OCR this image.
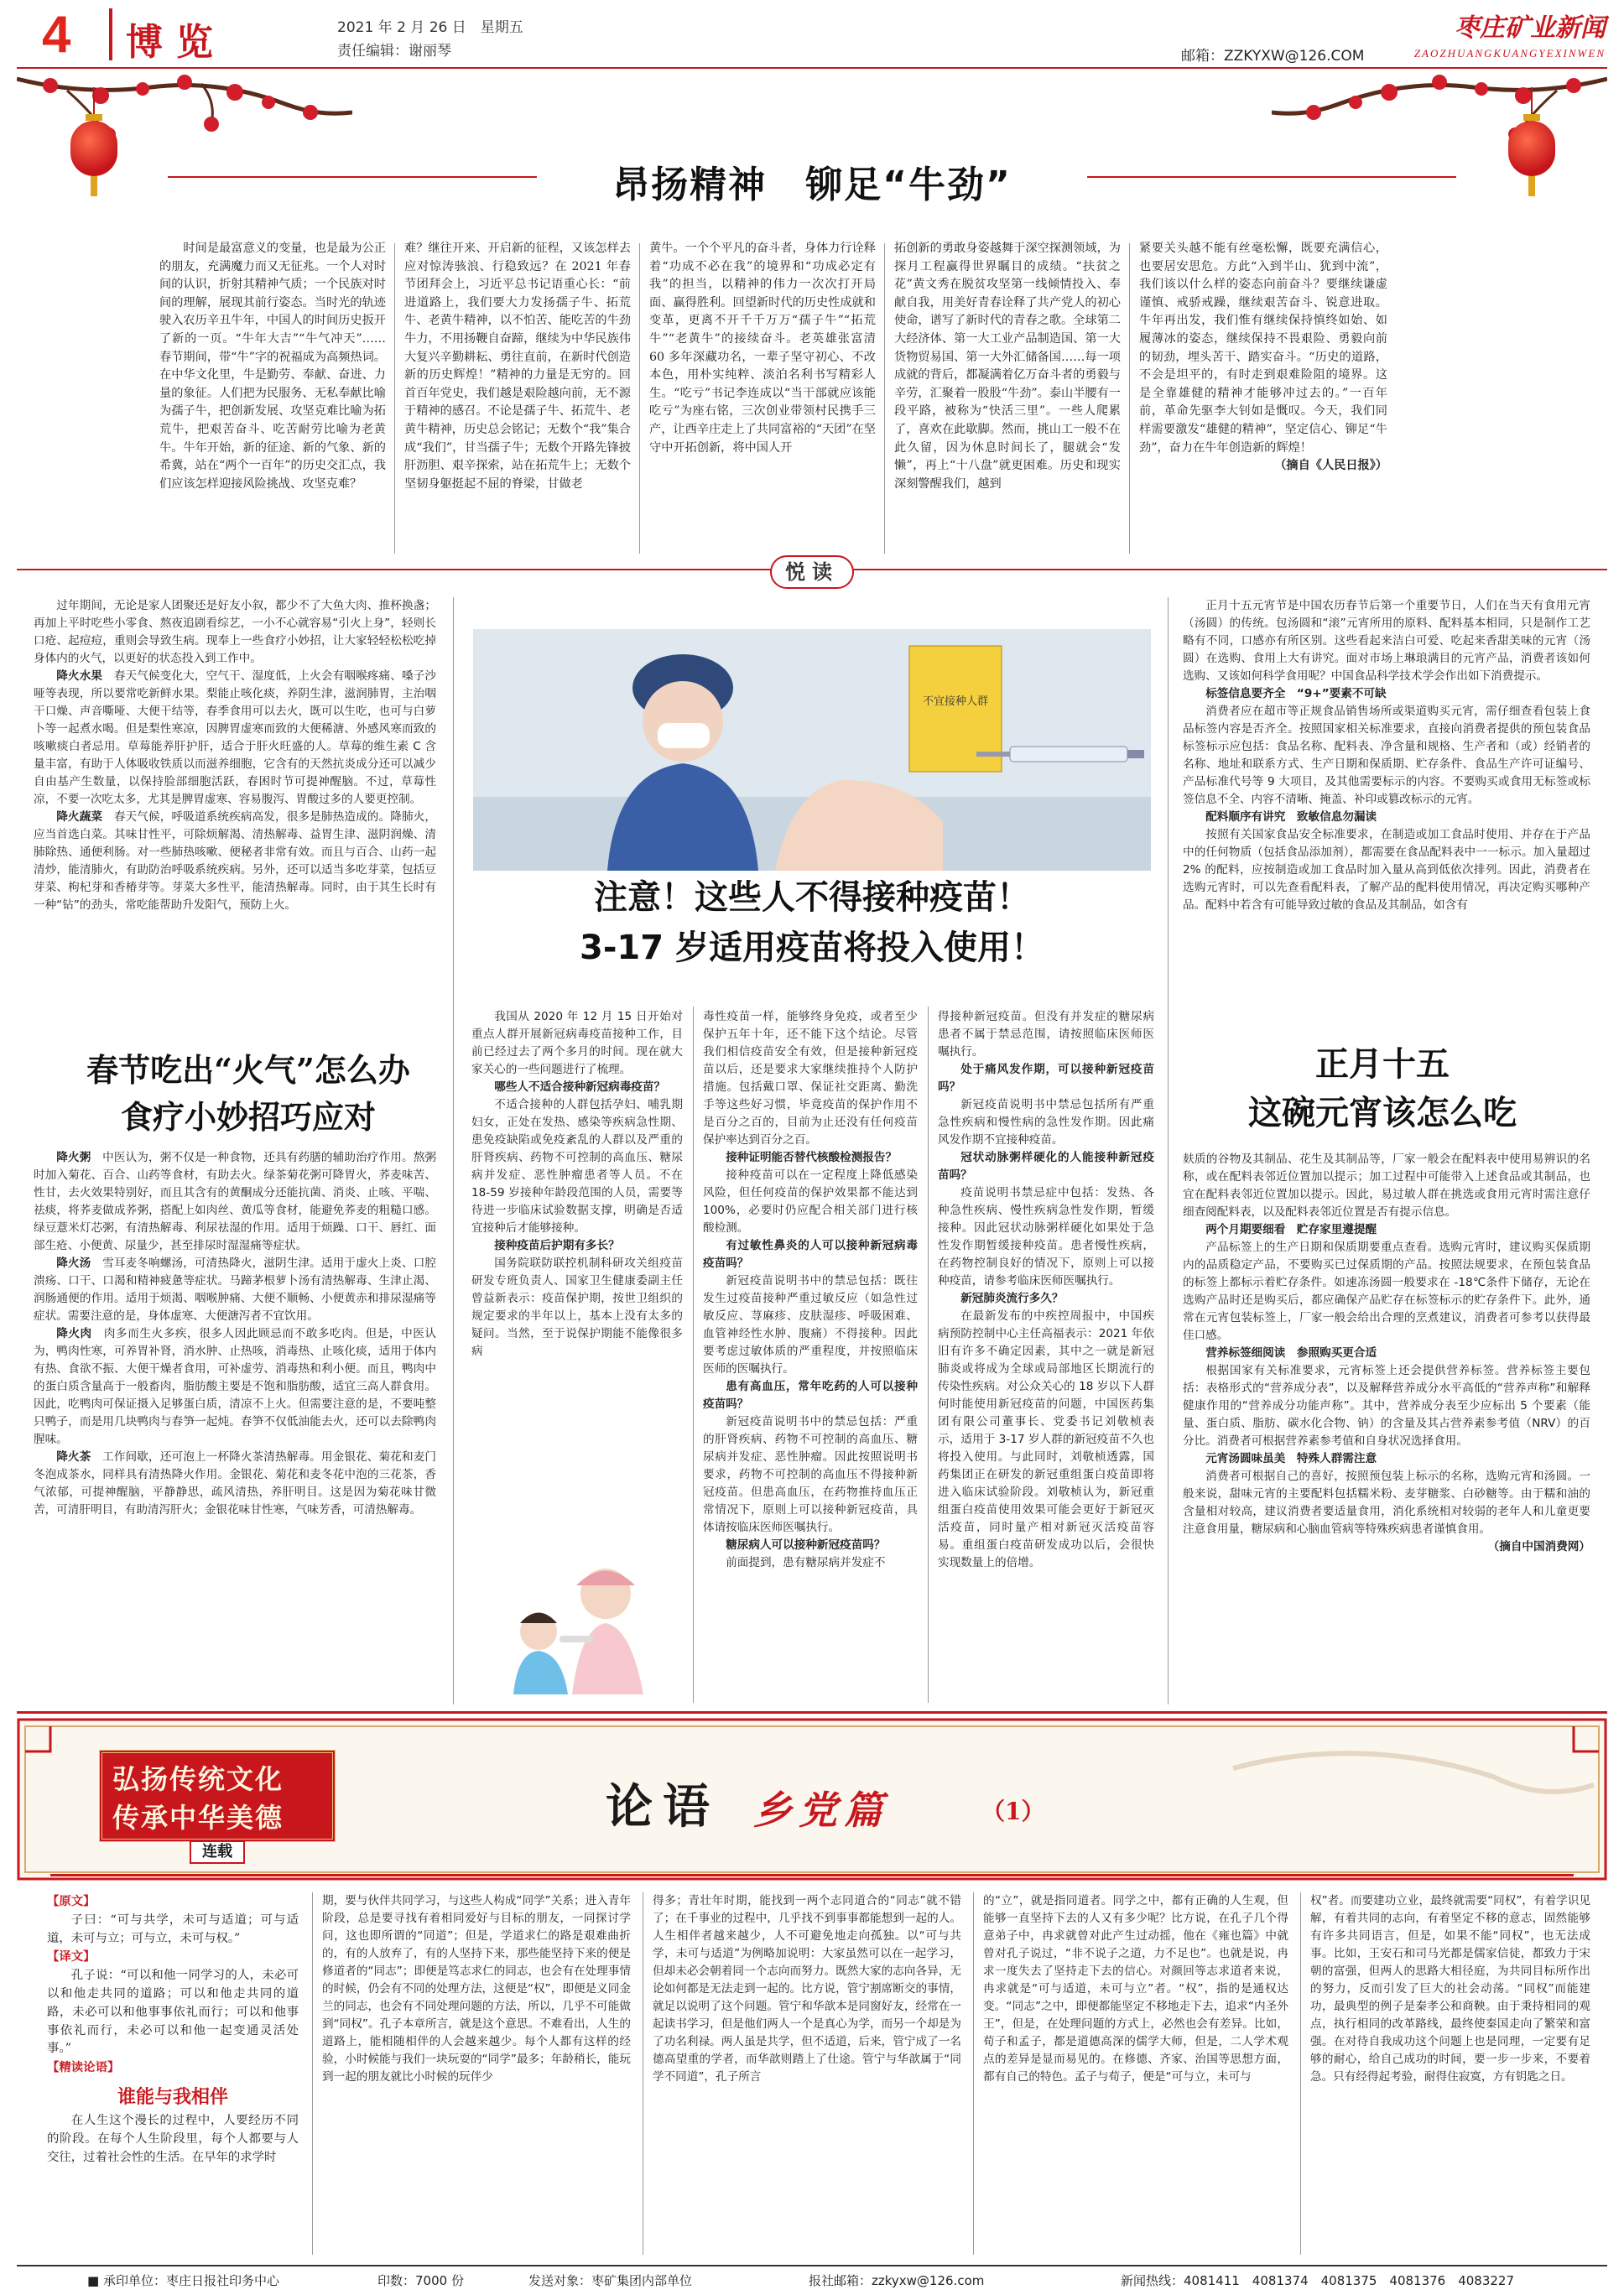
4 博览	2021 年 2 月 26 日　星期五
责任编辑：谢丽琴	邮箱：ZZKYXW@126.COM
枣庄矿业新闻
ZAOZHUANGKUANGYEXINWEN
昂扬精神　铆足“牛劲”

时间是最富意义的变量，也是最为公正的朋友，充满魔力而又无征兆。一个人对时间的认识，折射其精神气质；一个民族对时间的理解，展现其前行姿态。当时光的轨迹驶入农历辛丑牛年，中国人的时间历史扳开了新的一页。“牛年大吉”“牛气冲天”……春节期间，带“牛”字的祝福成为高频热词。在中华文化里，牛是勤劳、奉献、奋进、力量的象征。人们把为民服务、无私奉献比喻为孺子牛，把创新发展、攻坚克难比喻为拓荒牛，把艰苦奋斗、吃苦耐劳比喻为老黄牛。牛年开始，新的征途、新的气象、新的希冀，站在“两个一百年”的历史交汇点，我们应该怎样迎接风险挑战、攻坚克难？

难？继往开来、开启新的征程，又该怎样去应对惊涛骇浪、行稳致远？在 2021 年春节团拜会上，习近平总书记语重心长：“前进道路上，我们要大力发扬孺子牛、拓荒牛、老黄牛精神，以不怕苦、能吃苦的牛劲牛力，不用扬鞭自奋蹄，继续为中华民族伟大复兴辛勤耕耘、勇往直前，在新时代创造新的历史辉煌！”精神的力量是无穷的。回首百年党史，我们越是艰险越向前，无不源于精神的感召。不论是孺子牛、拓荒牛、老黄牛精神，历史总会铭记；无数个“我”集合成“我们”，甘当孺子牛；无数个开路先锋披肝沥胆、艰辛探索，站在拓荒牛上；无数个坚韧身躯挺起不屈的脊梁，甘做老

黄牛。一个个平凡的奋斗者，身体力行诠释着“功成不必在我”的境界和“功成必定有我”的担当，以精神的伟力一次次打开局面、赢得胜利。回望新时代的历史性成就和变革，更离不开千千万万“孺子牛”“拓荒牛”“老黄牛”的接续奋斗。老英雄张富清 60 多年深藏功名，一辈子坚守初心、不改本色，用朴实纯粹、淡泊名利书写精彩人生。“吃亏”书记李连成以“当干部就应该能吃亏”为座右铭，三次创业带领村民携手三产，让西辛庄走上了共同富裕的“天团”在坚守中开拓创新，将中国人开

拓创新的勇敢身姿越舞于深空探测领域，为探月工程赢得世界瞩目的成绩。“扶贫之花”黄文秀在脱贫攻坚第一线倾情投入、奉献自我，用美好青春诠释了共产党人的初心使命，谱写了新时代的青春之歌。全球第二大经济体、第一大工业产品制造国、第一大货物贸易国、第一大外汇储备国……每一项成就的背后，都凝满着亿万奋斗者的勇毅与辛劳，汇聚着一股股“牛劲”。泰山半腰有一段平路，被称为“快活三里”。一些人爬累了，喜欢在此歇脚。然而，挑山工一般不在此久留，因为休息时间长了，腿就会“发懒”，再上“十八盘”就更困难。历史和现实深刻警醒我们，越到

紧要关头越不能有丝毫松懈，既要充满信心，也要居安思危。方此“入到半山、犹到中流”，我们该以什么样的姿态向前奋斗？要继续谦虚谨慎、戒骄戒躁，继续艰苦奋斗、锐意进取。牛年再出发，我们惟有继续保持慎终如始、如履薄冰的姿态，继续保持不畏艰险、勇毅向前的韧劲，埋头苦干、踏实奋斗。“历史的道路，不会是坦平的，有时走到艰难险阻的境界。这是全靠雄健的精神才能够冲过去的。”一百年前，革命先驱李大钊如是慨叹。今天，我们同样需要激发“雄健的精神”，坚定信心、铆足“牛劲”，奋力在牛年创造新的辉煌！

（摘自《人民日报》）

悦读

过年期间，无论是家人团聚还是好友小叙，都少不了大鱼大肉、推杯换盏；再加上平时吃些小零食、熬夜追剧看综艺，一小不心就容易“引火上身”，轻则长口疮、起痘痘，重则会导致生病。现奉上一些食疗小妙招，让大家轻轻松松吃掉身体内的火气，以更好的状态投入到工作中。

降火水果　 春天气候变化大，空气干、湿度低，上火会有咽喉疼痛、嗓子沙哑等表现，所以要常吃新鲜水果。梨能止咳化痰，养阴生津，滋润肺胃，主治咽干口燥、声音嘶哑、大便干结等，春季食用可以去火，既可以生吃，也可与白萝卜等一起煮水喝。但是梨性寒凉，因脾胃虚寒而致的大便稀溏、外感风寒而致的咳嗽痰白者忌用。草莓能养肝护肝，适合于肝火旺盛的人。草莓的维生素 C 含量丰富，有助于人体吸收铁质以而滋养细胞，它含有的天然抗炎成分还可以减少自由基产生数量，以保持脸部细胞活跃，春困时节可提神醒脑。不过，草莓性凉，不要一次吃太多，尤其是脾胃虚寒、容易腹泻、胃酸过多的人要更控制。

降火蔬菜　 春天气候，呼吸道系统疾病高发，很多是肺热造成的。降肺火，应当首选白菜。其味甘性平，可除烦解渴、清热解毒、益胃生津、滋阴润燥、清肺除热、通便利肠。对一些肺热咳嗽、便秘者非常有效。而且与百合、山药一起清炒，能清肺火，有助防治呼吸系统疾病。另外，还可以适当多吃芽菜，包括豆芽菜、枸杞芽和香椿芽等。芽菜大多性平，能清热解毒。同时，由于其生长时有一种“钻”的劲头，常吃能帮助升发阳气，预防上火。

春节吃出“火气”怎么办
食疗小妙招巧应对

降火粥　 中医认为，粥不仅是一种食物，还具有药膳的辅助治疗作用。熬粥时加入菊花、百合、山药等食材，有助去火。绿茶菊花粥可降胃火，荞麦味苦、性甘，去火效果特别好，而且其含有的黄酮成分还能抗菌、消炎、止咳、平喘、祛痰，将荞麦做成荞粥，搭配上如肉丝、黄瓜等食材，能避免荞麦的粗糙口感。绿豆薏米灯芯粥，有清热解毒、利尿祛湿的作用。适用于烦躁、口干、唇红、面部生疮、小便黄、尿量少，甚至排尿时湿湿痛等症状。

降火汤　 雪耳麦冬响螺汤，可清热降火，滋阴生津。适用于虚火上炎、口腔溃疡、口干、口渴和精神疲惫等症状。马蹄茅根萝卜汤有清热解毒、生津止渴、润肠通便的作用。适用于烦渴、咽喉肿痛、大便不顺畅、小便黄赤和排尿湿痛等症状。需要注意的是，身体虚寒、大便溏泻者不宜饮用。

降火肉　 肉多而生火多疾，很多人因此顾忌而不敢多吃肉。但是，中医认为，鸭肉性寒，可养胃补肾，消水肿、止热咳，消毒热、止咳化痰，适用于体内有热、食欲不振、大便干燥者食用，可补虚劳、消毒热和利小便。而且，鸭肉中的蛋白质含量高于一般畜肉，脂肪酸主要是不饱和脂肪酸，适宜三高人群食用。因此，吃鸭肉可保证摄入足够蛋白质，清凉不上火。但需要注意的是，不要吨整只鸭子，而是用几块鸭肉与春笋一起炖。春笋不仅低油能去火，还可以去除鸭肉腥味。

降火茶　 工作间歇，还可泡上一杯降火茶清热解毒。用金银花、菊花和麦门冬泡成茶水，同样具有清热降火作用。金银花、菊花和麦冬花中泡的三花茶，香气浓郁，可提神醒脑，平静静思，疏风清热，养肝明目。这是因为菊花味甘微苦，可清肝明目，有助清泻肝火；金银花味甘性寒，气味芳香，可清热解毒。

不宜接种人群
注意！这些人不得接种疫苗！
3-17 岁适用疫苗将投入使用！

我国从 2020 年 12 月 15 日开始对重点人群开展新冠病毒疫苗接种工作，目前已经过去了两个多月的时间。现在就大家关心的一些问题进行了梳理。

哪些人不适合接种新冠病毒疫苗？

不适合接种的人群包括孕妇、哺乳期妇女，正处在发热、感染等疾病急性期、患免疫缺陷或免疫紊乱的人群以及严重的肝肾疾病、药物不可控制的高血压、糖尿病并发症、恶性肿瘤患者等人员。不在 18-59 岁接种年龄段范围的人员，需要等待进一步临床试验数据支撑，明确是否适宜接种后才能够接种。

接种疫苗后护期有多长？

国务院联防联控机制科研攻关组疫苗研发专班负责人、国家卫生健康委副主任 曾益新表示：疫苗保护期，按世卫组织的规定要求的半年以上，基本上没有太多的疑问。当然，至于说保护期能不能像很多病

毒性疫苗一样，能够终身免疫，或者至少保护五年十年，还不能下这个结论。尽管我们相信疫苗安全有效，但是接种新冠疫苗以后，还是要求大家继续推持个人防护措施。包括戴口罩、保证社交距离、勤洗手等这些好习惯，毕竟疫苗的保护作用不是百分之百的，目前为止还没有任何疫苗保护率达到百分之百。

接种证明能否替代核酸检测报告？

接种疫苗可以在一定程度上降低感染风险，但任何疫苗的保护效果都不能达到 100%，必要时仍应配合相关部门进行核酸检测。

有过敏性鼻炎的人可以接种新冠病毒疫苗吗？

新冠疫苗说明书中的禁忌包括：既往发生过疫苗接种严重过敏反应（如急性过敏反应、荨麻疹、皮肤湿疹、呼吸困难、血管神经性水肿、腹痛）不得接种。因此要考虑过敏体质的严重程度，并按照临床医师的医嘱执行。

患有高血压，常年吃药的人可以接种疫苗吗？

新冠疫苗说明书中的禁忌包括：严重的肝肾疾病、药物不可控制的高血压、糖尿病并发症、恶性肿瘤。因此按照说明书要求，药物不可控制的高血压不得接种新冠疫苗。但患高血压，在药物推持血压正常情况下，原则上可以接种新冠疫苗，具体请按临床医师医嘱执行。

糖尿病人可以接种新冠疫苗吗？

前面提到，患有糖尿病并发症不

得接种新冠疫苗。但没有并发症的糖尿病患者不属于禁忌范围，请按照临床医师医嘱执行。

处于痛风发作期，可以接种新冠疫苗吗？

新冠疫苗说明书中禁忌包括所有严重急性疾病和慢性病的急性发作期。因此痛风发作期不宜接种疫苗。

冠状动脉粥样硬化的人能接种新冠疫苗吗？

疫苗说明书禁忌症中包括：发热、各种急性疾病、慢性疾病急性发作期，暂缓接种。因此冠状动脉粥样硬化如果处于急性发作期暂缓接种疫苗。患者慢性疾病，在药物控制良好的情况下，原则上可以接种疫苗，请参考临床医师医嘱执行。

新冠肺炎流行多久？

在最新发布的中疾控周报中，中国疾病预防控制中心主任高福表示：2021 年依旧有许多不确定因素，其中之一就是新冠肺炎或将成为全球或局部地区长期流行的传染性疾病。对公众关心的 18 岁以下人群何时能使用新冠疫苗的问题，中国医药集团有限公司董事长、党委书记刘敬桢表示，适用于 3-17 岁人群的新冠疫苗不久也将投入使用。与此同时，刘敬桢透露，国药集团正在研发的新冠重组蛋白疫苗即将进入临床试验阶段。刘敬桢认为，新冠重组蛋白疫苗使用效果可能会更好于新冠灭活疫苗，同时量产相对新冠灭活疫苗容易。重组蛋白疫苗研发成功以后，会很快实现数量上的倍增。

正月十五元宵节是中国农历春节后第一个重要节日，人们在当天有食用元宵（汤圆）的传统。包汤圆和“滚”元宵所用的原料、配料基本相同，只是制作工艺略有不同，口感亦有所区别。这些看起来洁白可爱、吃起来香甜美味的元宵（汤圆）在选购、食用上大有讲究。面对市场上琳琅满目的元宵产品，消费者该如何选购、又该如何科学食用呢？中国食品科学技术学会作出如下消费提示。

标签信息要齐全　“9+”要素不可缺

消费者应在超市等正规食品销售场所或渠道购买元宵，需仔细查看包装上食品标签内容是否齐全。按照国家相关标准要求，直接向消费者提供的预包装食品标签标示应包括：食品名称、配料表、净含量和规格、生产者和（或）经销者的名称、地址和联系方式、生产日期和保质期、贮存条件、食品生产许可证编号、产品标准代号等 9 大项目，及其他需要标示的内容。不要购买或食用无标签或标签信息不全、内容不清晰、掩盖、补印或篡改标示的元宵。

配料顺序有讲究　致敏信息勿漏读

按照有关国家食品安全标准要求，在制造或加工食品时使用、并存在于产品中的任何物质（包括食品添加剂），都需要在食品配料表中一一标示。加入量超过 2% 的配料，应按制造或加工食品时加入量从高到低依次排列。因此，消费者在选购元宵时，可以先查看配料表，了解产品的配料使用情况，再决定购买哪种产品。配料中若含有可能导致过敏的食品及其制品，如含有

正月十五
这碗元宵该怎么吃

麸质的谷物及其制品、花生及其制品等，厂家一般会在配料表中使用易辨识的名称，或在配料表邻近位置加以提示；加工过程中可能带入上述食品或其制品，也宜在配料表邻近位置加以提示。因此，易过敏人群在挑选或食用元宵时需注意仔细查阅配料表，以及配料表邻近位置是否有提示信息。

两个月期要细看　贮存家里遵提醒

产品标签上的生产日期和保质期要重点查看。选购元宵时，建议购买保质期内的品质稳定产品，不要购买已过保质期的产品。按照法规要求，在预包装食品的标签上都标示着贮存条件。如速冻汤圆一般要求在 -18℃条件下储存，无论在选购产品时还是购买后，都应确保产品贮存在标签标示的贮存条件下。此外，通常在元宵包装标签上，厂家一般会给出合理的烹煮建议，消费者可参考以获得最佳口感。

营养标签细阅读　参照购买更合适

根据国家有关标准要求，元宵标签上还会提供营养标签。营养标签主要包括：表格形式的“营养成分表”，以及解释营养成分水平高低的“营养声称”和解释健康作用的“营养成分功能声称”。其中，营养成分表至少应标出 5 个要素（能量、蛋白质、脂肪、碳水化合物、钠）的含量及其占营养素参考值（NRV）的百分比。消费者可根据营养素参考值和自身状况选择食用。

元宵汤圆味虽美　特殊人群需注意

消费者可根据自己的喜好，按照预包装上标示的名称，选购元宵和汤圆。一般来说，甜味元宵的主要配料包括糯米粉、麦芽糖浆、白砂糖等。由于糯和油的含量相对较高，建议消费者要适量食用，消化系统相对较弱的老年人和儿童更要注意食用量，糖尿病和心脑血管病等特殊疾病患者谨慎食用。

（摘自中国消费网）

弘扬传统文化
传承中华美德
连载
论语 乡党篇	（1）

【原文】

子曰：“可与共学，未可与适道；可与适道，未可与立；可与立，未可与权。”

【译文】

孔子说：“可以和他一同学习的人，未必可以和他走共同的道路；可以和他走共同的道路，未必可以和他事事依礼而行；可以和他事事依礼而行，未必可以和他一起变通灵活处事。”

【精读论语】

谁能与我相伴

在人生这个漫长的过程中，人要经历不同的阶段。在每个人生阶段里，每个人都要与人交往，过着社会性的生活。在早年的求学时

期，要与伙伴共同学习，与这些人构成“同学”关系；进入青年阶段，总是要寻找有着相同爱好与目标的朋友，一同探讨学问，这也即所谓的“同道”；但是，学道求仁的路是艰难曲折的，有的人放弃了，有的人坚持下来，那些能坚持下来的便是修道者的“同志”；即便是笃志求仁的同志，也会有在处理事情的时候，仍会有不同的处理方法，这便是“权”，即便是义同金兰的同志，也会有不同处理问题的方法，所以，几乎不可能做到“同权”。孔子本章所言，就是这个意思。不难看出，人生的道路上，能相随相伴的人会越来越少。每个人都有这样的经验，小时候能与我们一块玩耍的“同学”最多；年龄稍长，能玩到一起的朋友就比小时候的玩伴少

得多；青壮年时期，能找到一两个志同道合的“同志”就不错了；在千事业的过程中，几乎找不到事事都能想到一起的人。人生相伴者越来越少，人不可避免地走向孤独。以“可与共学，未可与适道”为例略加说明：大家虽然可以在一起学习，但却未必会朝着同一个志向而努力。既然大家的志向各异，无论如何都是无法走到一起的。比方说，管宁割席断交的事情，就足以说明了这个问题。管宁和华歆本是同窗好友，经常在一起读书学习，但是他们两人一个是真心为学，而另一个却是为了功名利禄。两人虽是共学，但不适道，后来，管宁成了一名德高望重的学者，而华歆则踏上了仕途。管宁与华歆属于“同学不同道”，孔子所言

的“立”，就是指同道者。同学之中，都有正确的人生观，但能够一直坚持下去的人又有多少呢？比方说，在孔子几个得意弟子中，冉求就曾对此产生过动摇，他在《雍也篇》中就曾对孔子说过，“非不说子之道，力不足也”。也就是说，冉求一度失去了坚持走下去的信心。对颜回等志求道者来说，冉求就是“可与适道，未可与立”者。“权”，指的是通权达变。“同志”之中，即便都能坚定不移地走下去，追求“内圣外王”，但是，在处理问题的方式上，必然也会有差异。比如，荀子和孟子，都是道德高深的儒学大师，但是，二人学术观点的差异是显而易见的。在修德、齐家、治国等思想方面，都有自己的特色。孟子与荀子，便是“可与立，未可与

权”者。而要建功立业，最终就需要“同权”，有着学识见解，有着共同的志向，有着坚定不移的意志，固然能够有许多共同语言，但是，如果不能“同权”，也无法成事。比如，王安石和司马光都是儒家信徒，都致力于宋朝的富强，但两人的思路大相径庭，为共同目标所作出的努力，反而引发了巨大的社会动荡。“同权”而能建功，最典型的例子是秦孝公和商鞅。由于秉持相同的观点，执行相同的改革路线，最终使秦国走向了繁荣和富强。在对待自我成功这个问题上也是同理，一定要有足够的耐心，给自己成功的时间，要一步一步来，不要着急。只有经得起考验，耐得住寂寞，方有钥匙之日。

■ 承印单位：枣庄日报社印务中心	印数：7000 份	发送对象：枣矿集团内部单位	报社邮箱：zzkyxw@126.com	新闻热线：4081411　4081374　4081375　4081376　4083227
